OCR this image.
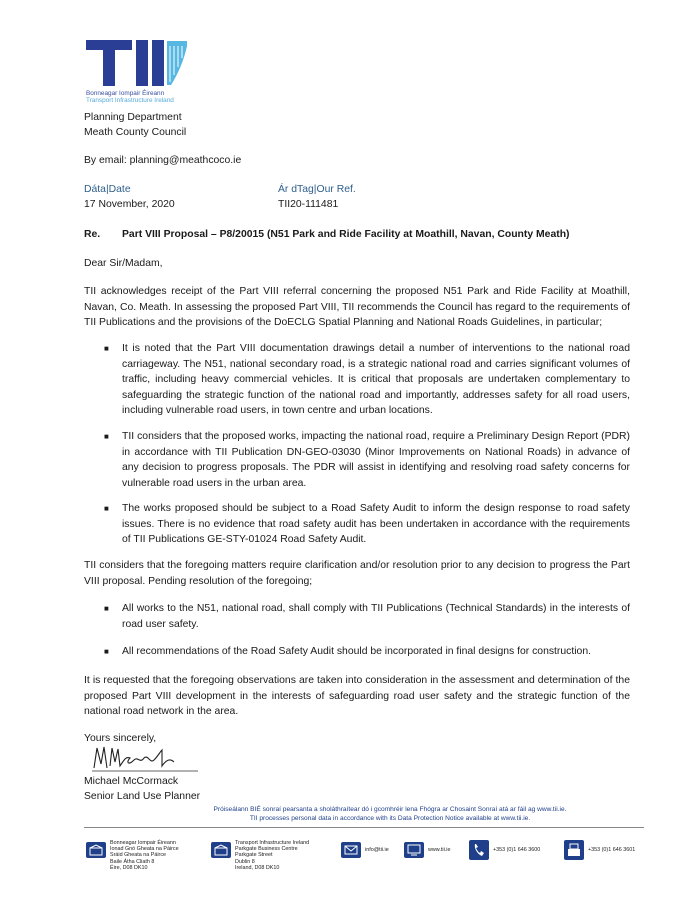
Bonneagar Iompair Éireann
Transport Infrastructure Ireland
Planning Department
Meath County Council
By email: planning@meathcoco.ie
Dáta|Date
17 November, 2020
Ár dTag|Our Ref.
TII20-111481
Re. Part VIII Proposal – P8/20015 (N51 Park and Ride Facility at Moathill, Navan, County Meath)
Dear Sir/Madam,
TII acknowledges receipt of the Part VIII referral concerning the proposed N51 Park and Ride Facility at Moathill, Navan, Co. Meath. In assessing the proposed Part VIII, TII recommends the Council has regard to the requirements of TII Publications and the provisions of the DoECLG Spatial Planning and National Roads Guidelines, in particular;
■ It is noted that the Part VIII documentation drawings detail a number of interventions to the national road carriageway. The N51, national secondary road, is a strategic national road and carries significant volumes of traffic, including heavy commercial vehicles. It is critical that proposals are undertaken complementary to safeguarding the strategic function of the national road and importantly, addresses safety for all road users, including vulnerable road users, in town centre and urban locations.
■ TII considers that the proposed works, impacting the national road, require a Preliminary Design Report (PDR) in accordance with TII Publication DN-GEO-03030 (Minor Improvements on National Roads) in advance of any decision to progress proposals. The PDR will assist in identifying and resolving road safety concerns for vulnerable road users in the urban area.
■ The works proposed should be subject to a Road Safety Audit to inform the design response to road safety issues. There is no evidence that road safety audit has been undertaken in accordance with the requirements of TII Publications GE-STY-01024 Road Safety Audit.
TII considers that the foregoing matters require clarification and/or resolution prior to any decision to progress the Part VIII proposal. Pending resolution of the foregoing;
■ All works to the N51, national road, shall comply with TII Publications (Technical Standards) in the interests of road user safety.
■ All recommendations of the Road Safety Audit should be incorporated in final designs for construction.
It is requested that the foregoing observations are taken into consideration in the assessment and determination of the proposed Part VIII development in the interests of safeguarding road user safety and the strategic function of the national road network in the area.
Yours sincerely,
Michael McCormack
Senior Land Use Planner
Próiseálann BIÉ sonraí pearsanta a sholáthraítear dó i gcomhréir lena Fhógra ar Chosaint Sonraí atá ar fáil ag www.tii.ie.
TII processes personal data in accordance with its Data Protection Notice available at www.tii.ie.
Bonneagar Iompair Éireann
Ionad Gnó Gheata na Páirce
Sráid Gheata na Páirce
Baile Átha Cliath 8
Éire, D08 DK10
Transport Infrastructure Ireland
Parkgate Business Centre
Parkgate Street
Dublin 8
Ireland, D08 DK10
info@tii.ie	www.tii.ie	+353 (0)1 646 3600	+353 (0)1 646 3601
